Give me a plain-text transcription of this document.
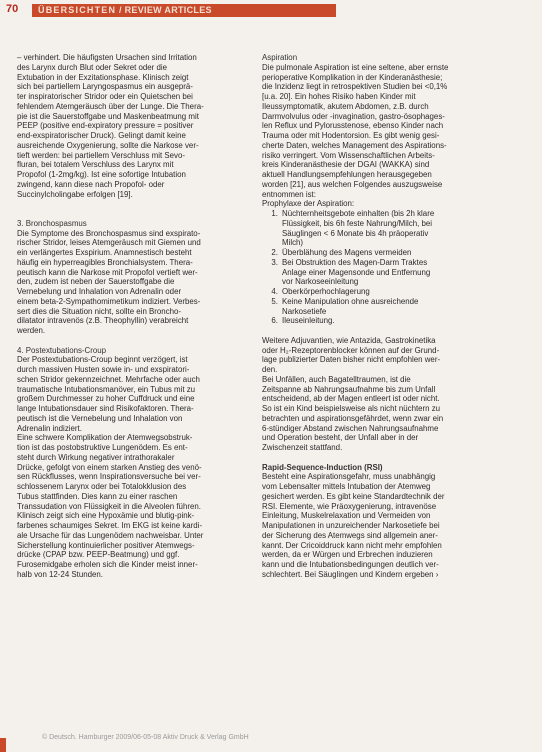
70 ÜBERSICHTEN / REVIEW ARTICLES
– verhindert. Die häufigsten Ursachen sind Irritation
des Larynx durch Blut oder Sekret oder die
Extubation in der Exzitationsphase. Klinisch zeigt
sich bei partiellem Laryngospasmus ein ausgeprä-
ter inspiratorischer Stridor oder ein Quietschen bei
fehlendem Atemgeräusch über der Lunge. Die Thera-
pie ist die Sauerstoffgabe und Maskenbeatmung mit
PEEP (positive end-expiratory pressure = positiver
end-exspiratorischer Druck). Gelingt damit keine
ausreichende Oxygenierung, sollte die Narkose ver-
tieft werden: bei partiellem Verschluss mit Sevo-
fluran, bei totalem Verschluss des Larynx mit
Propofol (1-2mg/kg). Ist eine sofortige Intubation
zwingend, kann diese nach Propofol- oder
Succinylcholingabe erfolgen [19].
3. Bronchospasmus
Die Symptome des Bronchospasmus sind exspirato-
rischer Stridor, leises Atemgeräusch mit Giemen und
ein verlängertes Exspirium. Anamnestisch besteht
häufig ein hyperreagibles Bronchialsystem. Thera-
peutisch kann die Narkose mit Propofol vertieft wer-
den, zudem ist neben der Sauerstoffgabe die
Vernebelung und Inhalation von Adrenalin oder
einem beta-2-Sympathomimetikum indiziert. Verbes-
sert dies die Situation nicht, sollte ein Broncho-
dilatator intravenös (z.B. Theophyllin) verabreicht
werden.
4. Postextubations-Croup
Der Postextubations-Croup beginnt verzögert, ist
durch massiven Husten sowie in- und exspiratori-
schen Stridor gekennzeichnet. Mehrfache oder auch
traumatische Intubationsmanöver, ein Tubus mit zu
großem Durchmesser zu hoher Cuffdruck und eine
lange Intubationsdauer sind Risikofaktoren. Thera-
peutisch ist die Vernebelung und Inhalation von
Adrenalin indiziert.
Eine schwere Komplikation der Atemwegsobstruk-
tion ist das postobstruktive Lungenödem. Es ent-
steht durch Wirkung negativer intrathorakaler
Drücke, gefolgt von einem starken Anstieg des venö-
sen Rückflusses, wenn Inspirationsversuche bei ver-
schlossenem Larynx oder bei Totalokklusion des
Tubus stattfinden. Dies kann zu einer raschen
Transsudation von Flüssigkeit in die Alveolen führen.
Klinisch zeigt sich eine Hypoxämie und blutig-pink-
farbenes schaumiges Sekret. Im EKG ist keine kardi-
ale Ursache für das Lungenödem nachweisbar. Unter
Sicherstellung kontinuierlicher positiver Atemwegs-
drücke (CPAP bzw. PEEP-Beatmung) und ggf.
Furosemidgabe erholen sich die Kinder meist inner-
halb von 12-24 Stunden.
Aspiration
Die pulmonale Aspiration ist eine seltene, aber ernste
perioperative Komplikation in der Kinderanästhesie;
die Inzidenz liegt in retrospektiven Studien bei <0,1%
[u.a. 20]. Ein hohes Risiko haben Kinder mit
Ileussymptomatik, akutem Abdomen, z.B. durch
Darmvolvulus oder -invagination, gastro-ösophages-
len Reflux und Pylorusstenose, ebenso Kinder nach
Trauma oder mit Hodentorsion. Es gibt wenig gesi-
cherte Daten, welches Management des Aspirations-
risiko verringert. Vom Wissenschaftlichen Arbeits-
kreis Kinderanästhesie der DGAI (WAKKA) sind
aktuell Handlungsempfehlungen herausgegeben
worden [21], aus welchen Folgendes auszugsweise
entnommen ist:
Prophylaxe der Aspiration:
1. Nüchternheitsgebote einhalten (bis 2h klare
Flüssigkeit, bis 6h feste Nahrung/Milch, bei
Säuglingen < 6 Monate bis 4h präoperativ
Milch)
2. Überblähung des Magens vermeiden
3. Bei Obstruktion des Magen-Darm Traktes
Anlage einer Magensonde und Entfernung
vor Narkoseeinleitung
4. Oberkörperhochlagerung
5. Keine Manipulation ohne ausreichende
Narkosetiefe
6. Ileuseinleitung.
Weitere Adjuvantien, wie Antazida, Gastrokinetika
oder H₂-Rezeptorenblocker können auf der Grund-
lage publizierter Daten bisher nicht empfohlen wer-
den.
Bei Unfällen, auch Bagatelltraumen, ist die
Zeitspanne ab Nahrungsaufnahme bis zum Unfall
entscheidend, ab der Magen entleert ist oder nicht.
So ist ein Kind beispielsweise als nicht nüchtern zu
betrachten und aspirationsgefährdet, wenn zwar ein
6-stündiger Abstand zwischen Nahrungsaufnahme
und Operation besteht, der Unfall aber in der
Zwischenzeit stattfand.
Rapid-Sequence-Induction (RSI)
Besteht eine Aspirationsgefahr, muss unabhängig
vom Lebensalter mittels Intubation der Atemweg
gesichert werden. Es gibt keine Standardtechnik der
RSI. Elemente, wie Präoxygenierung, intravenöse
Einleitung, Muskelrelaxation und Vermeiden von
Manipulationen in unzureichender Narkosetiefe bei
der Sicherung des Atemwegs sind allgemein aner-
kannt. Der Cricoiddruck kann nicht mehr empfohlen
werden, da er Würgen und Erbrechen induzieren
kann und die Intubationsbedingungen deutlich ver-
schlechtert. Bei Säuglingen und Kindern ergeben ›
© Deutsch. Hamburger 2009/06-05-08 Aktiv Druck & Verlag GmbH
